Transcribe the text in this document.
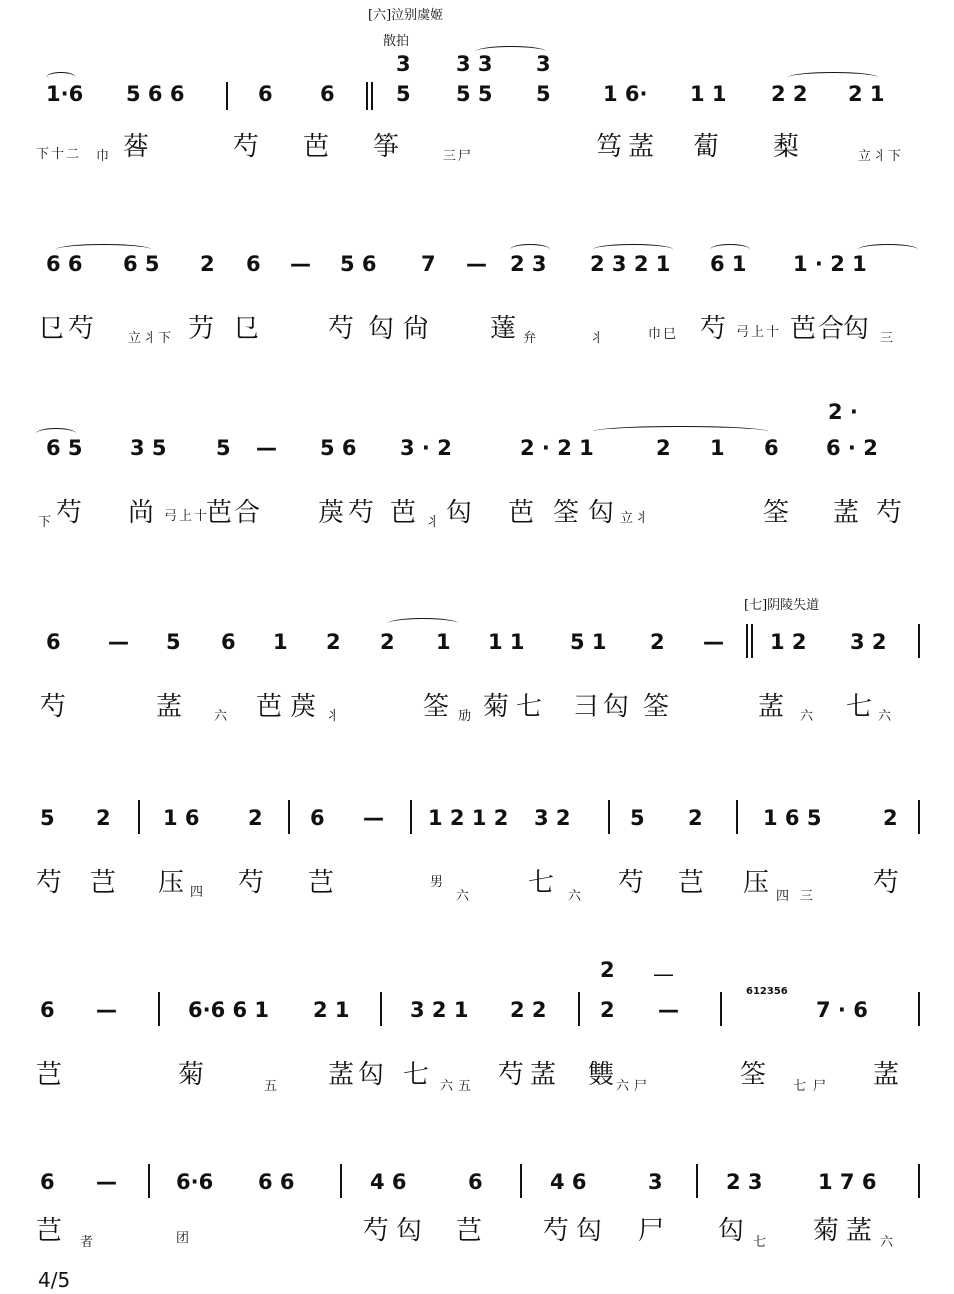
[六]泣别虞姬
散拍
1·6 5 6 6	6 6	5 5 5 5 1 6· 1 1 2 2 2 1
3 3 3 3
下十二 巾 䓘	芍 芭 筝	三尸	笃 䓝 蔔 䔧	立丬下
6 6 6 5 2 6 — 5 6 7 — 2 3 2 3 2 1 6 1 1 · 2 1
㔾 芍 立丬下 芀 㔾	芍 匃 尙 薘 弁	丬	巾巳 芍 弓上十 芭合
匃 三
2 ·
6 5 3 5 5 — 5 6 3 · 2	2 · 2 1	2 1 6 6 · 2
下 芍 尚 弓上十
芭合 䓞 芍 芭 丬 匃 芭 筌 匃 立丬	筌 䓝 芍
[七]阴陵失道
6 — 5 6 1 2 2 1 1 1 5 1 2 — 1 2 3 2
芍	䓝 六 芭 䓞 丬	筌 劢 菊 七 彐 匃 筌	䓝 六 七 六
5 2 1 6 2 6 — 1 2 1 2 3 2	5 2	1 6 5	2
芍 芑 压 四 芍 芑	男
六 七 六 芍 芑 压 四 三 芍
2 —
6 —	6·6 6 1 2 1	3 2 1 2 2	2 —
612356
7 · 6
芑	菊	五 䓝 匃 七 六 五 芍 䓝 䨇 六 尸	筌 七 尸 䓝
6 —	6·6 6 6	4 6	6	4 6	3	2 3	1 7 6
芑 者	团	芍 匃 芑 芍 匃 尸 匃 七 菊 䓝 六
4/5
